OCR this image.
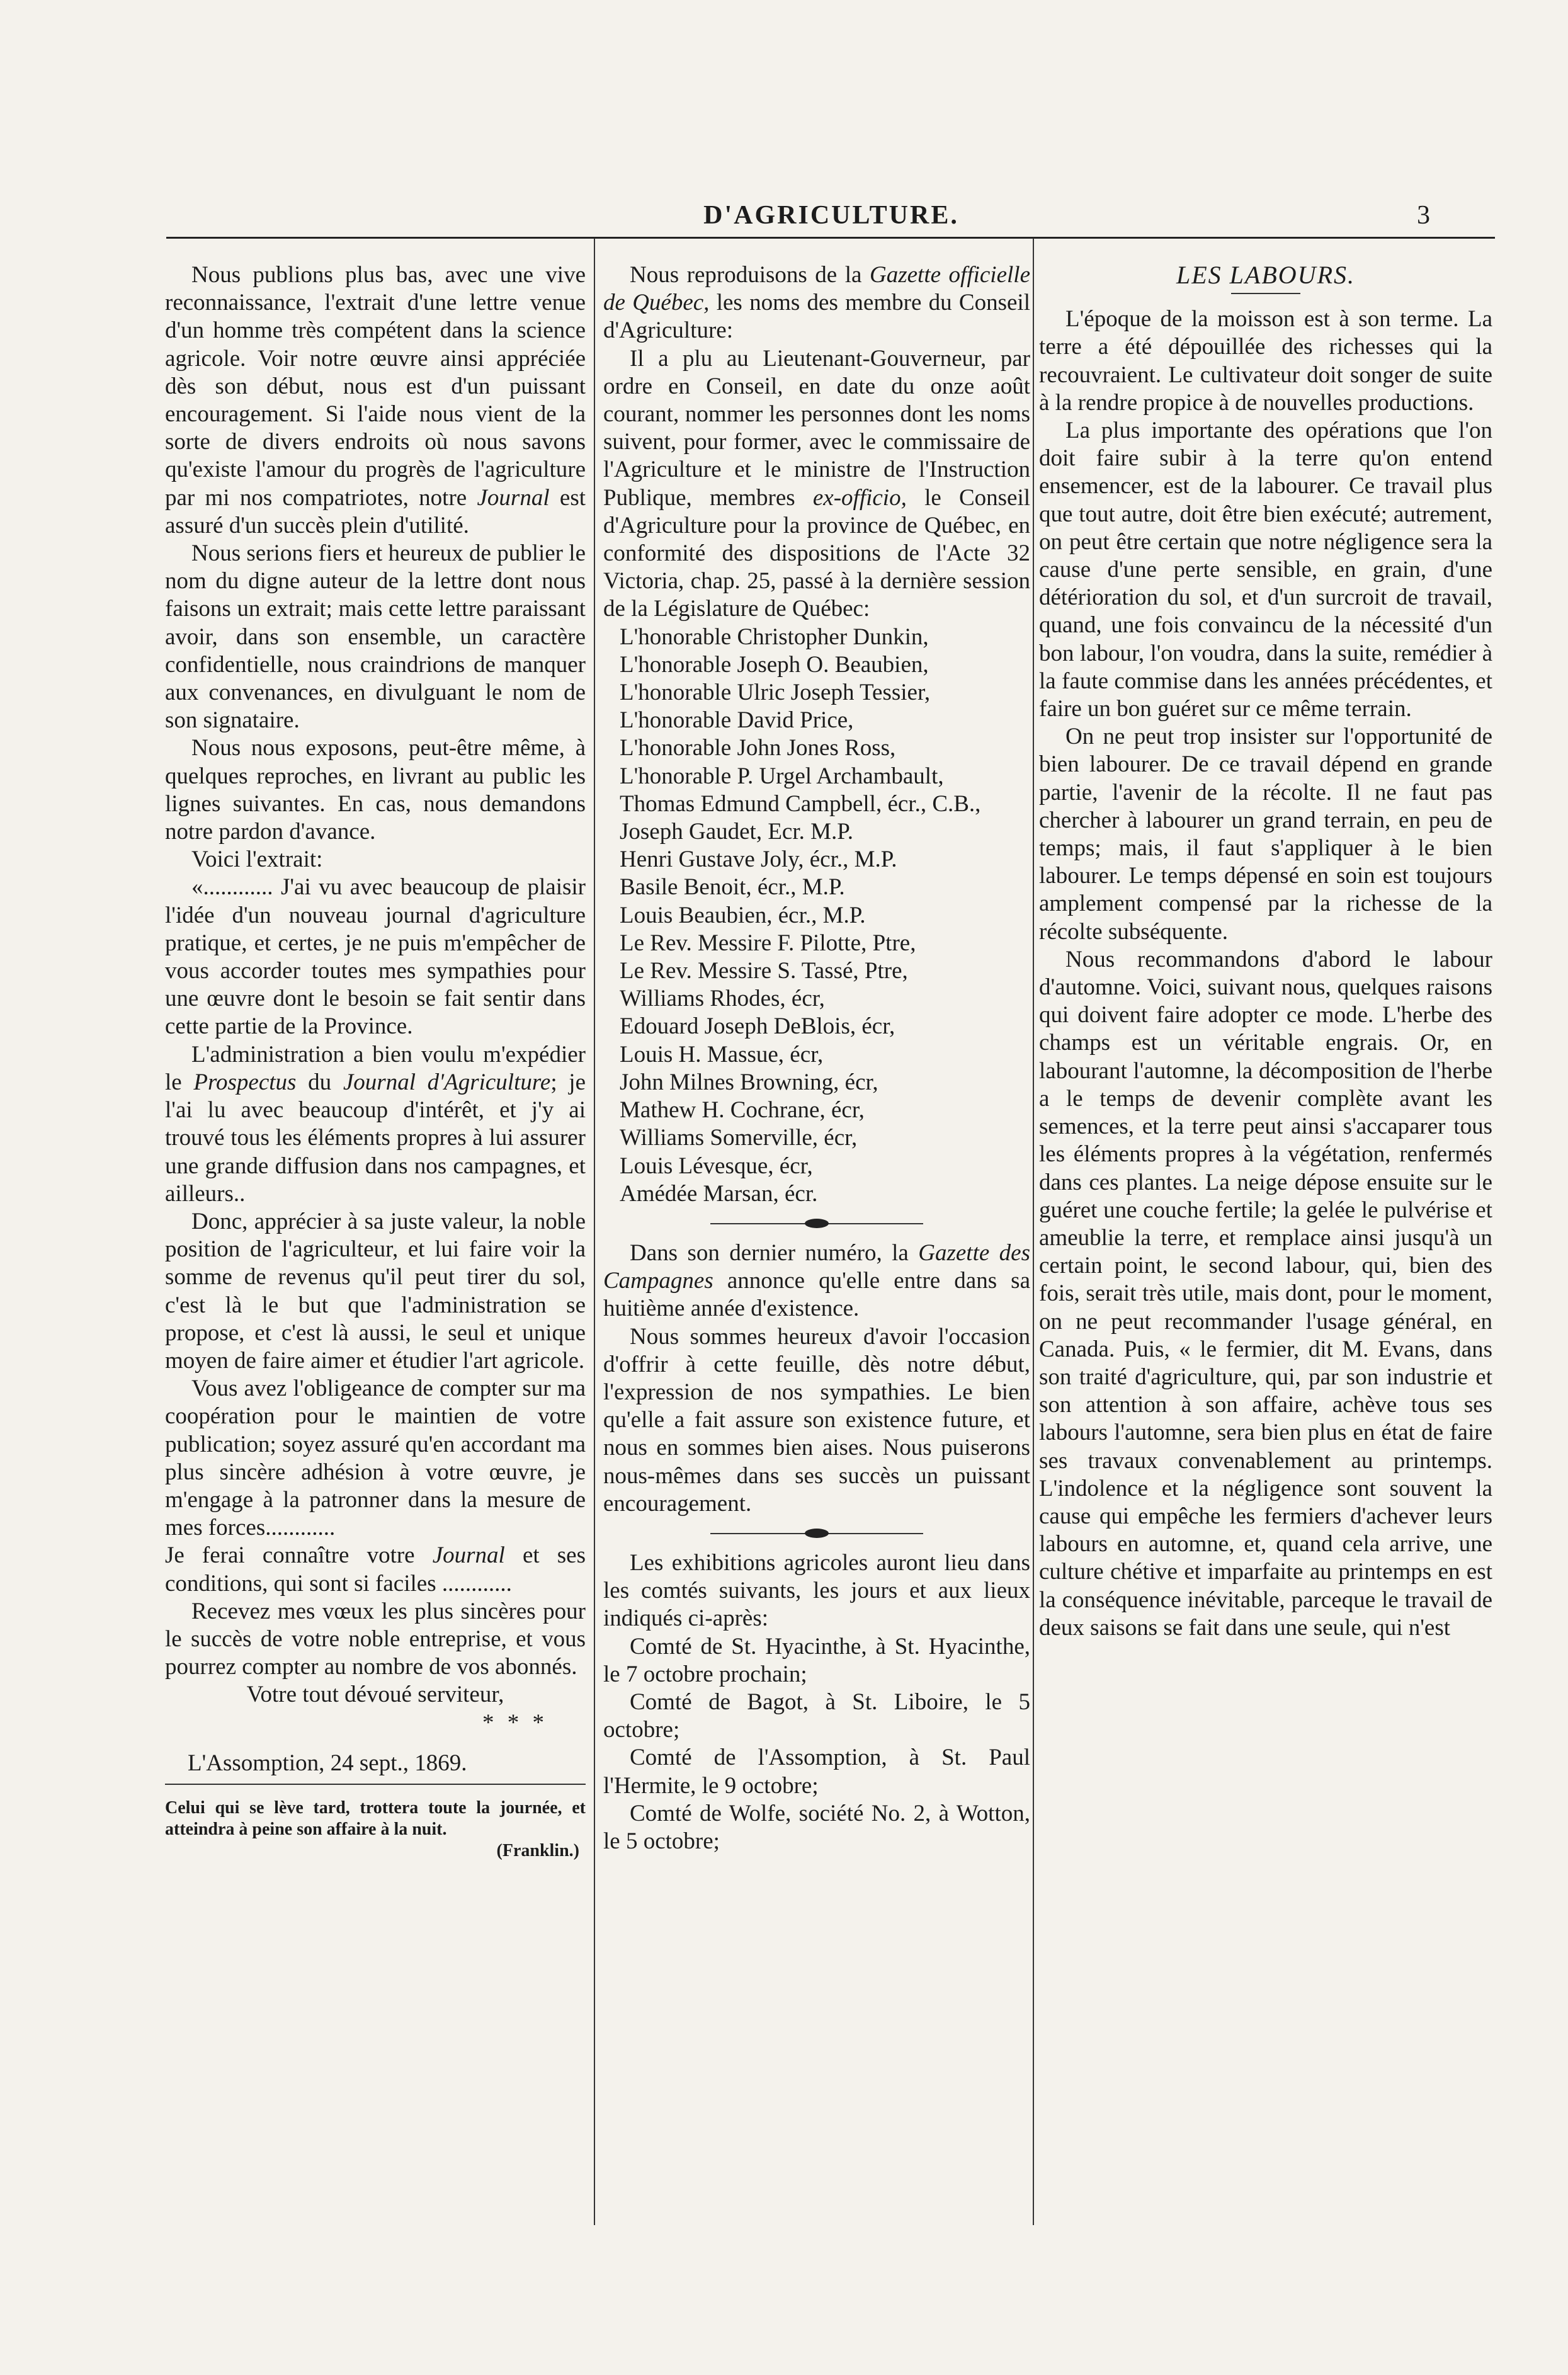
D'AGRICULTURE.	3

Nous publions plus bas, avec une vive reconnaissance, l'extrait d'une lettre venue d'un homme très compétent dans la science agricole. Voir notre œuvre ainsi appréciée dès son début, nous est d'un puissant encouragement. Si l'aide nous vient de la sorte de divers endroits où nous savons qu'existe l'amour du progrès de l'agriculture par mi nos compatriotes, notre Journal est assuré d'un succès plein d'utilité.

Nous serions fiers et heureux de publier le nom du digne auteur de la lettre dont nous faisons un extrait; mais cette lettre paraissant avoir, dans son ensemble, un caractère confidentielle, nous craindrions de manquer aux convenances, en divulguant le nom de son signataire.

Nous nous exposons, peut-être même, à quelques reproches, en livrant au public les lignes suivantes. En cas, nous demandons notre pardon d'avance.

Voici l'extrait:

«............ J'ai vu avec beaucoup de plaisir l'idée d'un nouveau journal d'agriculture pratique, et certes, je ne puis m'empêcher de vous accorder toutes mes sympathies pour une œuvre dont le besoin se fait sentir dans cette partie de la Province.

L'administration a bien voulu m'expédier le Prospectus du Journal d'Agriculture; je l'ai lu avec beaucoup d'intérêt, et j'y ai trouvé tous les éléments propres à lui assurer une grande diffusion dans nos campagnes, et ailleurs..

Donc, apprécier à sa juste valeur, la noble position de l'agriculteur, et lui faire voir la somme de revenus qu'il peut tirer du sol, c'est là le but que l'administration se propose, et c'est là aussi, le seul et unique moyen de faire aimer et étudier l'art agricole.

Vous avez l'obligeance de compter sur ma coopération pour le maintien de votre publication; soyez assuré qu'en accordant ma plus sincère adhésion à votre œuvre, je m'engage à la patronner dans la mesure de mes forces............

Je ferai connaître votre Journal et ses conditions, qui sont si faciles ............

Recevez mes vœux les plus sincères pour le succès de votre noble entreprise, et vous pourrez compter au nombre de vos abonnés.

Votre tout dévoué serviteur,

* * *

L'Assomption, 24 sept., 1869.

Celui qui se lève tard, trottera toute la journée, et atteindra à peine son affaire à la nuit.
(Franklin.)

Nous reproduisons de la Gazette officielle de Québec, les noms des membre du Conseil d'Agriculture:

Il a plu au Lieutenant-Gouverneur, par ordre en Conseil, en date du onze août courant, nommer les personnes dont les noms suivent, pour former, avec le commissaire de l'Agriculture et le ministre de l'Instruction Publique, membres ex-officio, le Conseil d'Agriculture pour la province de Québec, en conformité des dispositions de l'Acte 32 Victoria, chap. 25, passé à la dernière session de la Législature de Québec:

L'honorable Christopher Dunkin,

L'honorable Joseph O. Beaubien,

L'honorable Ulric Joseph Tessier,

L'honorable David Price,

L'honorable John Jones Ross,

L'honorable P. Urgel Archambault,

Thomas Edmund Campbell, écr., C.B.,

Joseph Gaudet, Ecr. M.P.

Henri Gustave Joly, écr., M.P.

Basile Benoit, écr., M.P.

Louis Beaubien, écr., M.P.

Le Rev. Messire F. Pilotte, Ptre,

Le Rev. Messire S. Tassé, Ptre,

Williams Rhodes, écr,

Edouard Joseph DeBlois, écr,

Louis H. Massue, écr,

John Milnes Browning, écr,

Mathew H. Cochrane, écr,

Williams Somerville, écr,

Louis Lévesque, écr,

Amédée Marsan, écr.

Dans son dernier numéro, la Gazette des Campagnes annonce qu'elle entre dans sa huitième année d'existence.

Nous sommes heureux d'avoir l'occasion d'offrir à cette feuille, dès notre début, l'expression de nos sympathies. Le bien qu'elle a fait assure son existence future, et nous en sommes bien aises. Nous puiserons nous-mêmes dans ses succès un puissant encouragement.

Les exhibitions agricoles auront lieu dans les comtés suivants, les jours et aux lieux indiqués ci-après:

Comté de St. Hyacinthe, à St. Hyacinthe, le 7 octobre prochain;

Comté de Bagot, à St. Liboire, le 5 octobre;

Comté de l'Assomption, à St. Paul l'Hermite, le 9 octobre;

Comté de Wolfe, société No. 2, à Wotton, le 5 octobre;

LES LABOURS.

L'époque de la moisson est à son terme. La terre a été dépouillée des richesses qui la recouvraient. Le cultivateur doit songer de suite à la rendre propice à de nouvelles productions.

La plus importante des opérations que l'on doit faire subir à la terre qu'on entend ensemencer, est de la labourer. Ce travail plus que tout autre, doit être bien exécuté; autrement, on peut être certain que notre négligence sera la cause d'une perte sensible, en grain, d'une détérioration du sol, et d'un surcroit de travail, quand, une fois convaincu de la nécessité d'un bon labour, l'on voudra, dans la suite, remédier à la faute commise dans les années précédentes, et faire un bon guéret sur ce même terrain.

On ne peut trop insister sur l'opportunité de bien labourer. De ce travail dépend en grande partie, l'avenir de la récolte. Il ne faut pas chercher à labourer un grand terrain, en peu de temps; mais, il faut s'appliquer à le bien labourer. Le temps dépensé en soin est toujours amplement compensé par la richesse de la récolte subséquente.

Nous recommandons d'abord le labour d'automne. Voici, suivant nous, quelques raisons qui doivent faire adopter ce mode. L'herbe des champs est un véritable engrais. Or, en labourant l'automne, la décomposition de l'herbe a le temps de devenir complète avant les semences, et la terre peut ainsi s'accaparer tous les éléments propres à la végétation, renfermés dans ces plantes. La neige dépose ensuite sur le guéret une couche fertile; la gelée le pulvérise et ameublie la terre, et remplace ainsi jusqu'à un certain point, le second labour, qui, bien des fois, serait très utile, mais dont, pour le moment, on ne peut recommander l'usage général, en Canada. Puis, « le fermier, dit M. Evans, dans son traité d'agriculture, qui, par son industrie et son attention à son affaire, achève tous ses labours l'automne, sera bien plus en état de faire ses travaux convenablement au printemps. L'indolence et la négligence sont souvent la cause qui empêche les fermiers d'achever leurs labours en automne, et, quand cela arrive, une culture chétive et imparfaite au printemps en est la conséquence inévitable, parceque le travail de deux saisons se fait dans une seule, qui n'est
